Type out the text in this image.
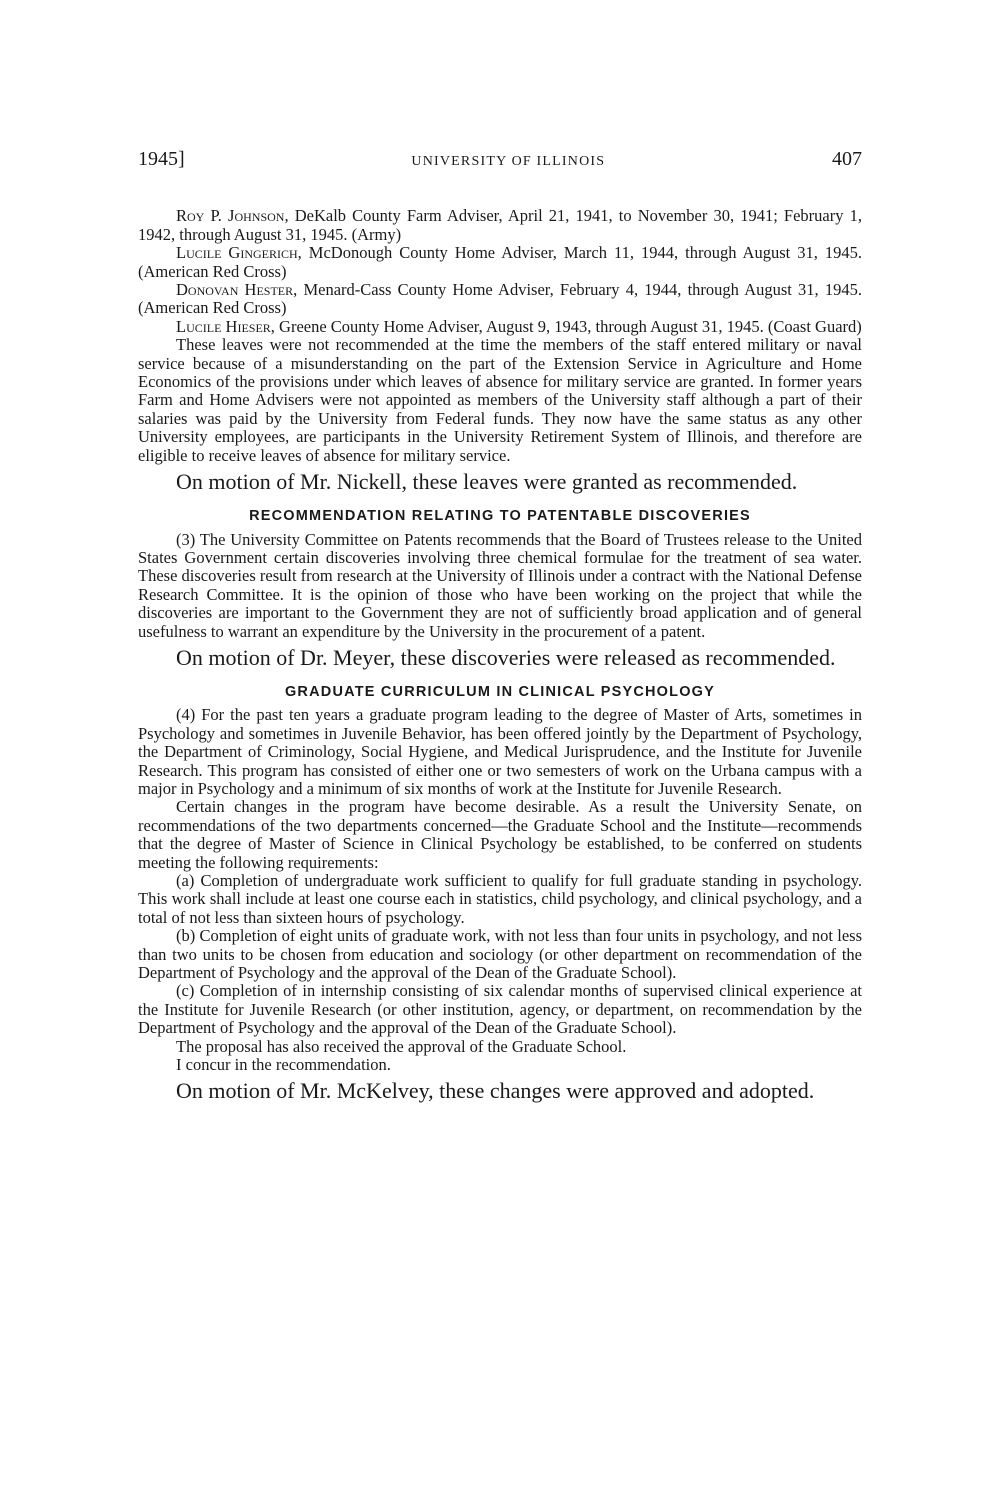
1945]	UNIVERSITY OF ILLINOIS	407

Roy P. Johnson, DeKalb County Farm Adviser, April 21, 1941, to November 30, 1941; February 1, 1942, through August 31, 1945. (Army)

Lucile Gingerich, McDonough County Home Adviser, March 11, 1944, through August 31, 1945. (American Red Cross)

Donovan Hester, Menard-Cass County Home Adviser, February 4, 1944, through August 31, 1945. (American Red Cross)

Lucile Hieser, Greene County Home Adviser, August 9, 1943, through August 31, 1945. (Coast Guard)

These leaves were not recommended at the time the members of the staff entered military or naval service because of a misunderstanding on the part of the Extension Service in Agriculture and Home Economics of the provisions under which leaves of absence for military service are granted. In former years Farm and Home Advisers were not appointed as members of the University staff although a part of their salaries was paid by the University from Federal funds. They now have the same status as any other University employees, are participants in the University Retirement System of Illinois, and therefore are eligible to receive leaves of absence for military service.

On motion of Mr. Nickell, these leaves were granted as recommended.

RECOMMENDATION RELATING TO PATENTABLE DISCOVERIES

(3) The University Committee on Patents recommends that the Board of Trustees release to the United States Government certain discoveries involving three chemical formulae for the treatment of sea water. These discoveries result from research at the University of Illinois under a contract with the National Defense Research Committee. It is the opinion of those who have been working on the project that while the discoveries are important to the Government they are not of sufficiently broad application and of general usefulness to warrant an expenditure by the University in the procurement of a patent.

On motion of Dr. Meyer, these discoveries were released as recommended.

GRADUATE CURRICULUM IN CLINICAL PSYCHOLOGY

(4) For the past ten years a graduate program leading to the degree of Master of Arts, sometimes in Psychology and sometimes in Juvenile Behavior, has been offered jointly by the Department of Psychology, the Department of Criminology, Social Hygiene, and Medical Jurisprudence, and the Institute for Juvenile Research. This program has consisted of either one or two semesters of work on the Urbana campus with a major in Psychology and a minimum of six months of work at the Institute for Juvenile Research.

Certain changes in the program have become desirable. As a result the University Senate, on recommendations of the two departments concerned—the Graduate School and the Institute—recommends that the degree of Master of Science in Clinical Psychology be established, to be conferred on students meeting the following requirements:

(a) Completion of undergraduate work sufficient to qualify for full graduate standing in psychology. This work shall include at least one course each in statistics, child psychology, and clinical psychology, and a total of not less than sixteen hours of psychology.

(b) Completion of eight units of graduate work, with not less than four units in psychology, and not less than two units to be chosen from education and sociology (or other department on recommendation of the Department of Psychology and the approval of the Dean of the Graduate School).

(c) Completion of in internship consisting of six calendar months of supervised clinical experience at the Institute for Juvenile Research (or other institution, agency, or department, on recommendation by the Department of Psychology and the approval of the Dean of the Graduate School).

The proposal has also received the approval of the Graduate School.

I concur in the recommendation.

On motion of Mr. McKelvey, these changes were approved and adopted.
